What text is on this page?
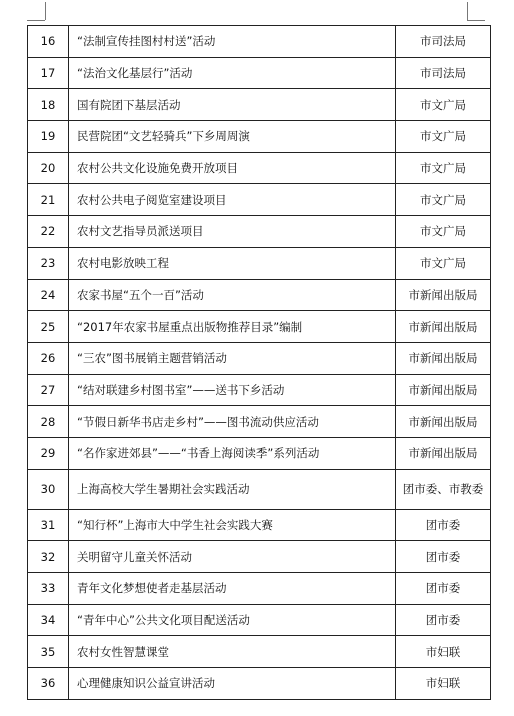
16	“法制宣传挂图村村送”活动	市司法局
17	“法治文化基层行”活动	市司法局
18	国有院团下基层活动	市文广局
19	民营院团“文艺轻骑兵”下乡周周演	市文广局
20	农村公共文化设施免费开放项目	市文广局
21	农村公共电子阅览室建设项目	市文广局
22	农村文艺指导员派送项目	市文广局
23	农村电影放映工程	市文广局
24	农家书屋“五个一百”活动	市新闻出版局
25	“2017年农家书屋重点出版物推荐目录”编制	市新闻出版局
26	“三农”图书展销主题营销活动	市新闻出版局
27	“结对联建乡村图书室”——送书下乡活动	市新闻出版局
28	“节假日新华书店走乡村”——图书流动供应活动	市新闻出版局
29	“名作家进郊县”——“书香上海阅读季”系列活动	市新闻出版局
30	上海高校大学生暑期社会实践活动	团市委、市教委
31	“知行杯”上海市大中学生社会实践大赛	团市委
32	关明留守儿童关怀活动	团市委
33	青年文化梦想使者走基层活动	团市委
34	“青年中心”公共文化项目配送活动	团市委
35	农村女性智慧课堂	市妇联
36	心理健康知识公益宣讲活动	市妇联
